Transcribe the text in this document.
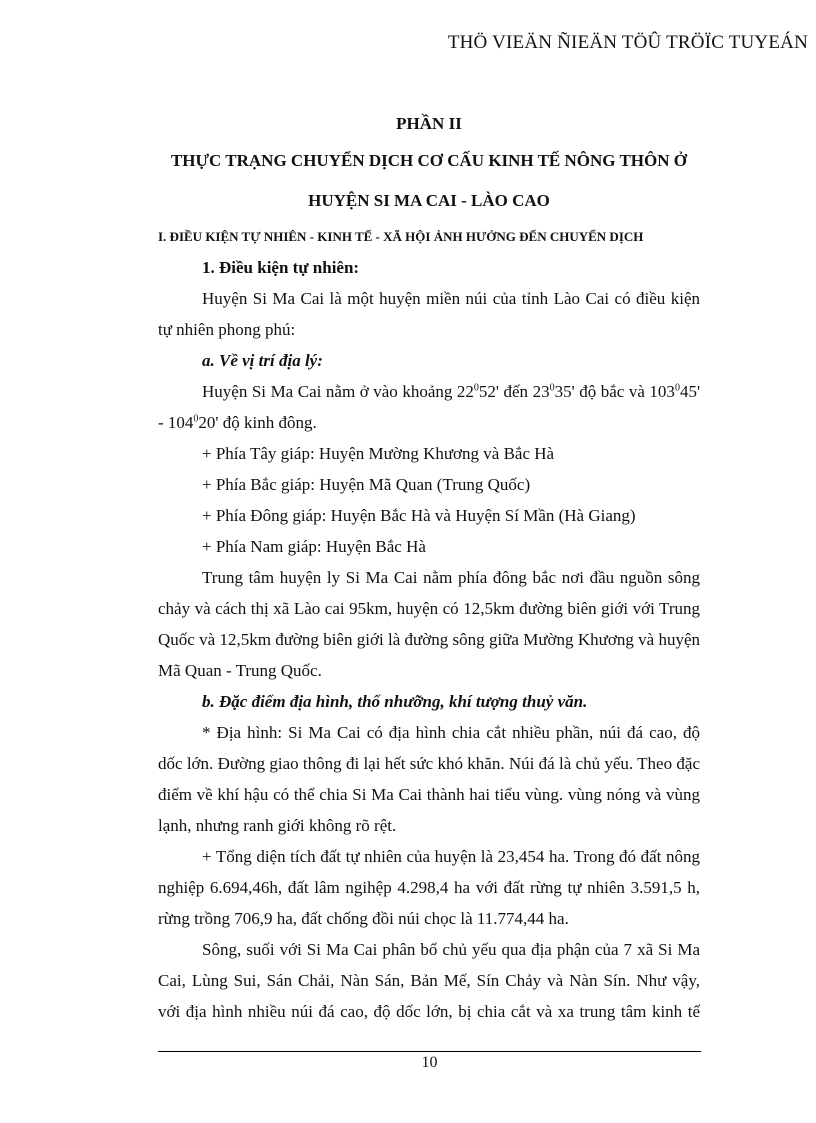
THÖ VIEÄN ÑIEÄN TÖÛ TRÖÏC TUYEÁN
PHẦN II
THỰC TRẠNG CHUYỂN DỊCH CƠ CẤU KINH TẾ NÔNG THÔN Ở
HUYỆN SI MA CAI - LÀO CAO
I. ĐIỀU KIỆN TỰ NHIÊN - KINH TẾ - XÃ HỘI ẢNH HƯỞNG ĐẾN CHUYỂN DỊCH

1. Điều kiện tự nhiên:

Huyện Si Ma Cai là một huyện miền núi của tỉnh Lào Cai có điều kiện tự nhiên phong phú:

a. Về vị trí địa lý:

Huyện Si Ma Cai nằm ở vào khoảng $22^052'$ đến $23^035'$ độ bắc và $103^045' - 104^020'$ độ kinh đông.

+ Phía Tây giáp: Huyện Mường Khương và Bắc Hà

+ Phía Bắc giáp: Huyện Mã Quan (Trung Quốc)

+ Phía Đông giáp: Huyện Bắc Hà và Huyện Sí Mần (Hà Giang)

+ Phía Nam giáp: Huyện Bắc Hà

Trung tâm huyện ly Si Ma Cai nằm phía đông bắc nơi đầu nguồn sông chảy và cách thị xã Lào cai 95km, huyện có 12,5km đường biên giới với Trung Quốc và 12,5km đường biên giới là đường sông giữa Mường Khương và huyện Mã Quan - Trung Quốc.

b. Đặc điểm địa hình, thổ nhưỡng, khí tượng thuỷ văn.

* Địa hình: Si Ma Cai có địa hình chia cắt nhiều phần, núi đá cao, độ dốc lớn. Đường giao thông đi lại hết sức khó khăn. Núi đá là chủ yếu. Theo đặc điểm về khí hậu có thể chia Si Ma Cai thành hai tiểu vùng. vùng nóng và vùng lạnh, nhưng ranh giới không rõ rệt.

+ Tổng diện tích đất tự nhiên của huyện là 23,454 ha. Trong đó đất nông nghiệp 6.694,46h, đất lâm ngihệp 4.298,4 ha với đất rừng tự nhiên 3.591,5 h, rừng trồng 706,9 ha, đất chống đồi núi chọc là 11.774,44 ha.

Sông, suối với Si Ma Cai phân bổ chủ yếu qua địa phận của 7 xã Si Ma Cai, Lùng Sui, Sán Chải, Nàn Sán, Bản Mế, Sín Chảy và Nàn Sín. Như vậy, với địa hình nhiều núi đá cao, độ dốc lớn, bị chia cắt và xa trung tâm kinh tế

10
